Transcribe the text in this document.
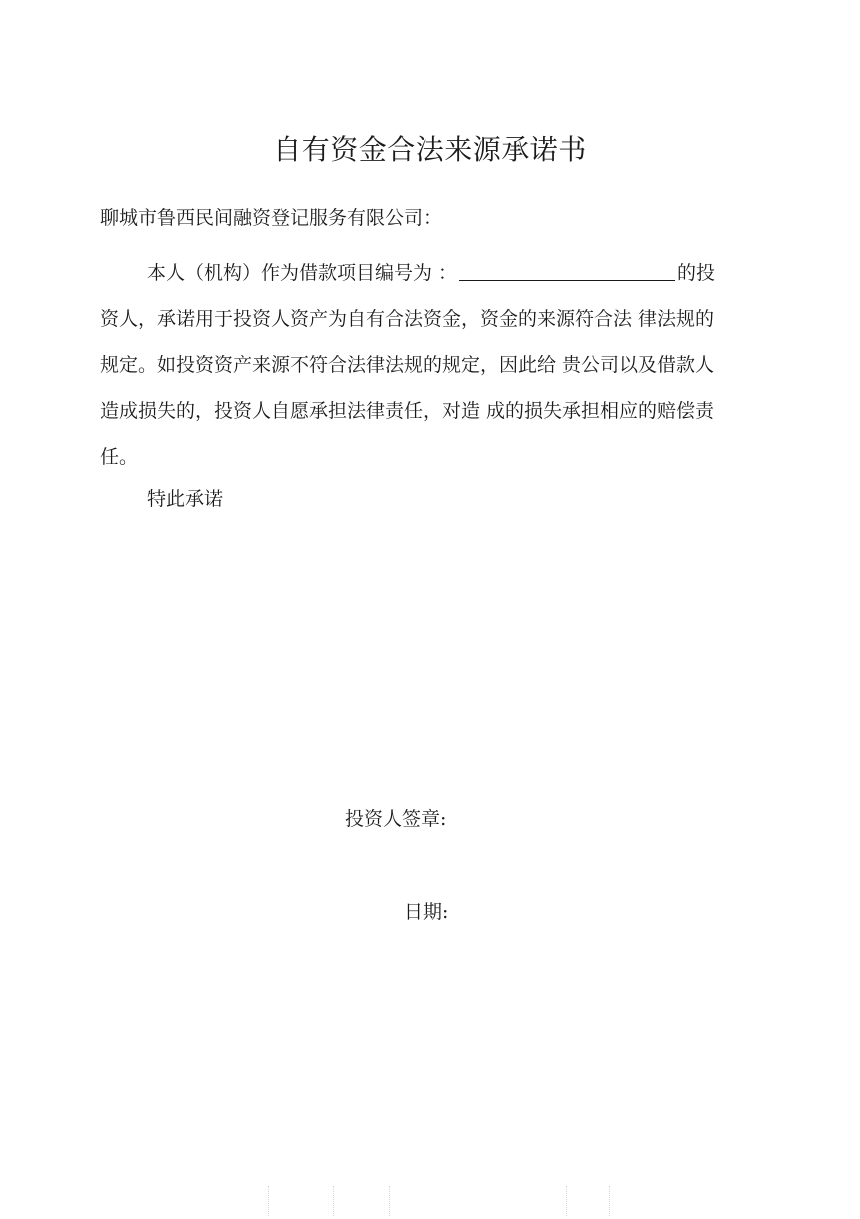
自有资金合法来源承诺书
聊城市鲁西民间融资登记服务有限公司：
本人（机构）作为借款项目编号为 ：	的投
资人，承诺用于投资人资产为自有合法资金，资金的来源符合法 律法规的
规定。如投资资产来源不符合法律法规的规定，因此给 贵公司以及借款人
造成损失的，投资人自愿承担法律责任，对造 成的损失承担相应的赔偿责
任。
特此承诺
投资人签章:
日期:
